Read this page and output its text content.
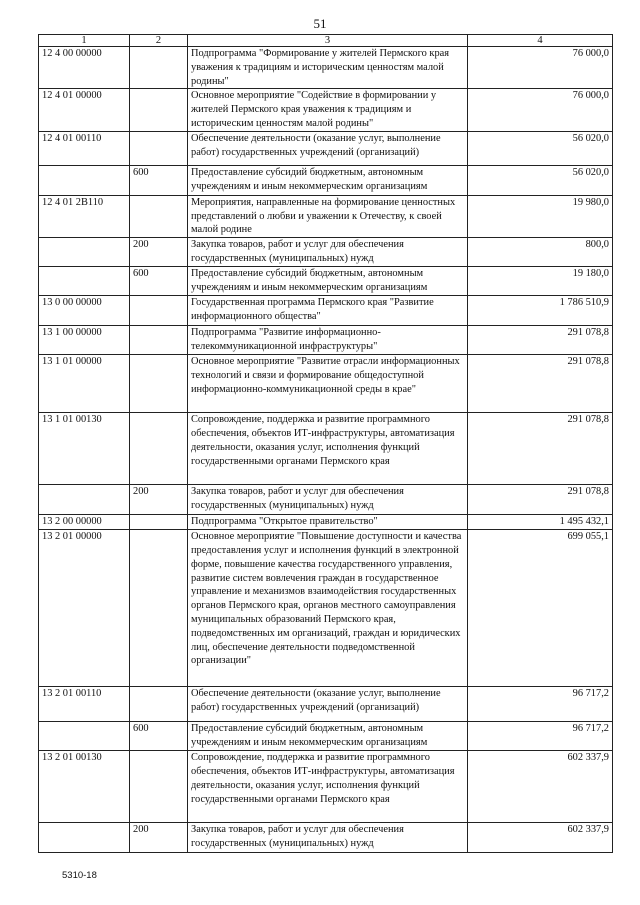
51
1	2	3	4
12 4 00 00000		Подпрограмма "Формирование у жителей Пермского края уважения к традициям и историческим ценностям малой родины"	76 000,0
12 4 01 00000		Основное мероприятие "Содействие в формировании у жителей Пермского края уважения к традициям и историческим ценностям малой родины"	76 000,0
12 4 01 00110		Обеспечение деятельности (оказание услуг, выполнение работ) государственных учреждений (организаций)	56 020,0
	600	Предоставление субсидий бюджетным, автономным учреждениям и иным некоммерческим организациям	56 020,0
12 4 01 2В110		Мероприятия, направленные на формирование ценностных представлений о любви и уважении к Отечеству, к своей малой родине	19 980,0
	200	Закупка товаров, работ и услуг для обеспечения государственных (муниципальных) нужд	800,0
	600	Предоставление субсидий бюджетным, автономным учреждениям и иным некоммерческим организациям	19 180,0
13 0 00 00000		Государственная программа Пермского края "Развитие информационного общества"	1 786 510,9
13 1 00 00000		Подпрограмма "Развитие информационно-телекоммуникационной инфраструктуры"	291 078,8
13 1 01 00000		Основное мероприятие "Развитие отрасли информационных технологий и связи и формирование общедоступной информационно-коммуникационной среды в крае"	291 078,8
13 1 01 00130		Сопровождение, поддержка и развитие программного обеспечения, объектов ИТ-инфраструктуры, автоматизация деятельности, оказания услуг, исполнения функций государственными органами Пермского края	291 078,8
	200	Закупка товаров, работ и услуг для обеспечения государственных (муниципальных) нужд	291 078,8
13 2 00 00000		Подпрограмма "Открытое правительство"	1 495 432,1
13 2 01 00000		Основное мероприятие "Повышение доступности и качества предоставления услуг и исполнения функций в электронной форме, повышение качества государственного управления, развитие систем вовлечения граждан в государственное управление и механизмов взаимодействия государственных органов Пермского края, органов местного самоуправления муниципальных образований Пермского края, подведомственных им организаций, граждан и юридических лиц, обеспечение деятельности подведомственной организации"	699 055,1
13 2 01 00110		Обеспечение деятельности (оказание услуг, выполнение работ) государственных учреждений (организаций)	96 717,2
	600	Предоставление субсидий бюджетным, автономным учреждениям и иным некоммерческим организациям	96 717,2
13 2 01 00130		Сопровождение, поддержка и развитие программного обеспечения, объектов ИТ-инфраструктуры, автоматизация деятельности, оказания услуг, исполнения функций государственными органами Пермского края	602 337,9
	200	Закупка товаров, работ и услуг для обеспечения государственных (муниципальных) нужд	602 337,9
5310-18
